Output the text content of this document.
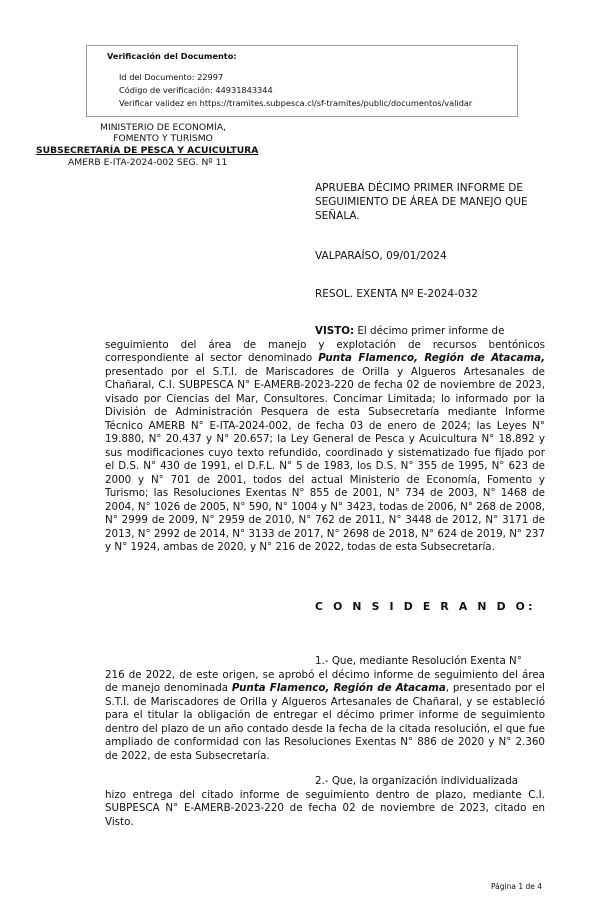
Verificación del Documento:
• Id del Documento: 22997
• Código de verificación: 44931843344
• Verificar validez en https://tramites.subpesca.cl/sf-tramites/public/documentos/validar
MINISTERIO DE ECONOMÍA,
FOMENTO Y TURISMO
SUBSECRETARÍA DE PESCA Y ACUICULTURA
AMERB E-ITA-2024-002 SEG. Nº 11
APRUEBA DÉCIMO PRIMER INFORME DE SEGUIMIENTO DE ÁREA DE MANEJO QUE SEÑALA.
VALPARAÍSO, 09/01/2024
RESOL. EXENTA Nº E-2024-032
VISTO: El décimo primer informe de
seguimiento del área de manejo y explotación de recursos bentónicos correspondiente al sector denominado Punta Flamenco, Región de Atacama, presentado por el S.T.I. de Mariscadores de Orilla y Algueros Artesanales de Chañaral, C.I. SUBPESCA N° E-AMERB-2023-220 de fecha 02 de noviembre de 2023, visado por Ciencias del Mar, Consultores. Concimar Limitada; lo informado por la División de Administración Pesquera de esta Subsecretaría mediante Informe Técnico AMERB N° E-ITA-2024-002, de fecha 03 de enero de 2024; las Leyes N° 19.880, N° 20.437 y N° 20.657; la Ley General de Pesca y Acuicultura N° 18.892 y sus modificaciones cuyo texto refundido, coordinado y sistematizado fue fijado por el D.S. N° 430 de 1991, el D.F.L. N° 5 de 1983, los D.S. N° 355 de 1995, N° 623 de 2000 y N° 701 de 2001, todos del actual Ministerio de Economía, Fomento y Turismo; las Resoluciones Exentas N° 855 de 2001, N° 734 de 2003, N° 1468 de 2004, N° 1026 de 2005, N° 590, N° 1004 y N° 3423, todas de 2006, N° 268 de 2008, N° 2999 de 2009, N° 2959 de 2010, N° 762 de 2011, N° 3448 de 2012, N° 3171 de 2013, N° 2992 de 2014, N° 3133 de 2017, N° 2698 de 2018, N° 624 de 2019, N° 237 y N° 1924, ambas de 2020, y N° 216 de 2022, todas de esta Subsecretaría.
C O N S I D E R A N D O:
1.- Que, mediante Resolución Exenta N°
216 de 2022, de este origen, se aprobó el décimo informe de seguimiento del área de manejo denominada Punta Flamenco, Región de Atacama, presentado por el S.T.I. de Mariscadores de Orilla y Algueros Artesanales de Chañaral, y se estableció para el titular la obligación de entregar el décimo primer informe de seguimiento dentro del plazo de un año contado desde la fecha de la citada resolución, el que fue ampliado de conformidad con las Resoluciones Exentas N° 886 de 2020 y N° 2.360 de 2022, de esta Subsecretaría.
2.- Que, la organización individualizada
hizo entrega del citado informe de seguimiento dentro de plazo, mediante C.I. SUBPESCA N° E-AMERB-2023-220 de fecha 02 de noviembre de 2023, citado en Visto.
Página 1 de 4
